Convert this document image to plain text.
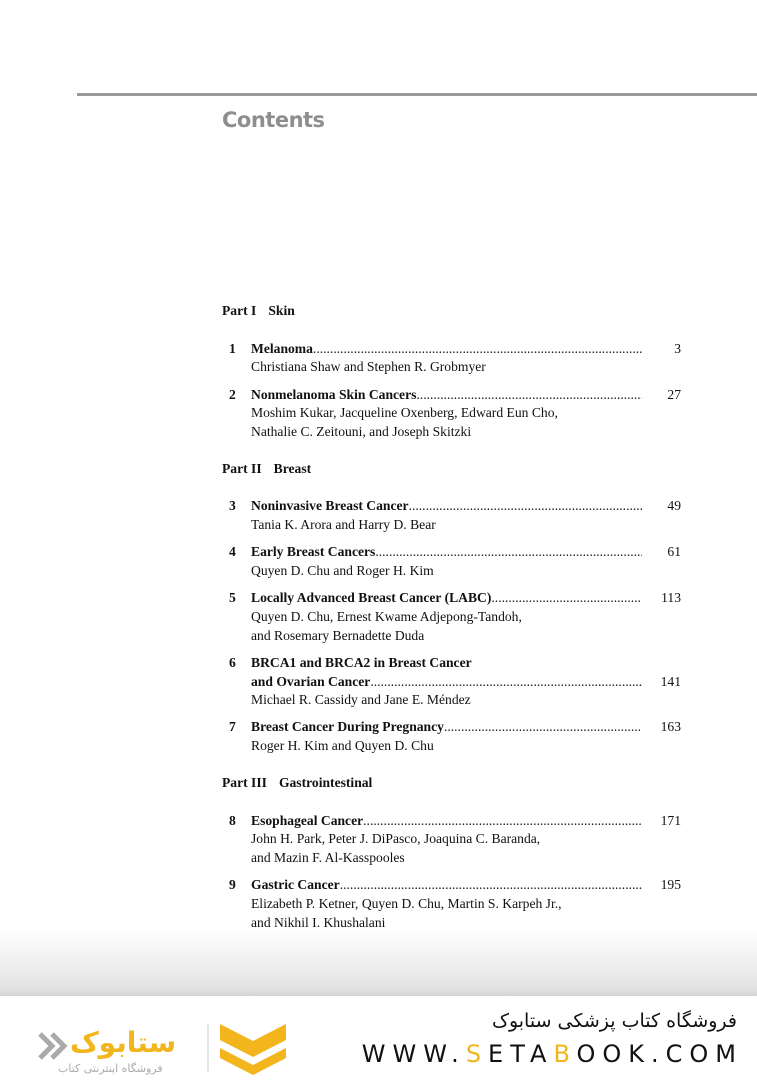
Contents
Part I Skin
1 Melanoma .....	3
Christiana Shaw and Stephen R. Grobmyer
2 Nonmelanoma Skin Cancers .....	27
Moshim Kukar, Jacqueline Oxenberg, Edward Eun Cho,
Nathalie C. Zeitouni, and Joseph Skitzki
Part II Breast
3 Noninvasive Breast Cancer .....	49
Tania K. Arora and Harry D. Bear
4 Early Breast Cancers .....	61
Quyen D. Chu and Roger H. Kim
5 Locally Advanced Breast Cancer (LABC) .....	113
Quyen D. Chu, Ernest Kwame Adjepong-Tandoh,
and Rosemary Bernadette Duda
6 BRCA1 and BRCA2 in Breast Cancer
and Ovarian Cancer .....	141
Michael R. Cassidy and Jane E. Méndez
7 Breast Cancer During Pregnancy .....	163
Roger H. Kim and Quyen D. Chu
Part III Gastrointestinal
8 Esophageal Cancer .....	171
John H. Park, Peter J. DiPasco, Joaquina C. Baranda,
and Mazin F. Al-Kasspooles
9 Gastric Cancer .....	195
Elizabeth P. Ketner, Quyen D. Chu, Martin S. Karpeh Jr.,
and Nikhil I. Khushalani
ستابوک
فروشگاه اینترنتی کتاب
فروشگاه کتاب پزشکی ستابوک
WWW.SETABOOK.COM
